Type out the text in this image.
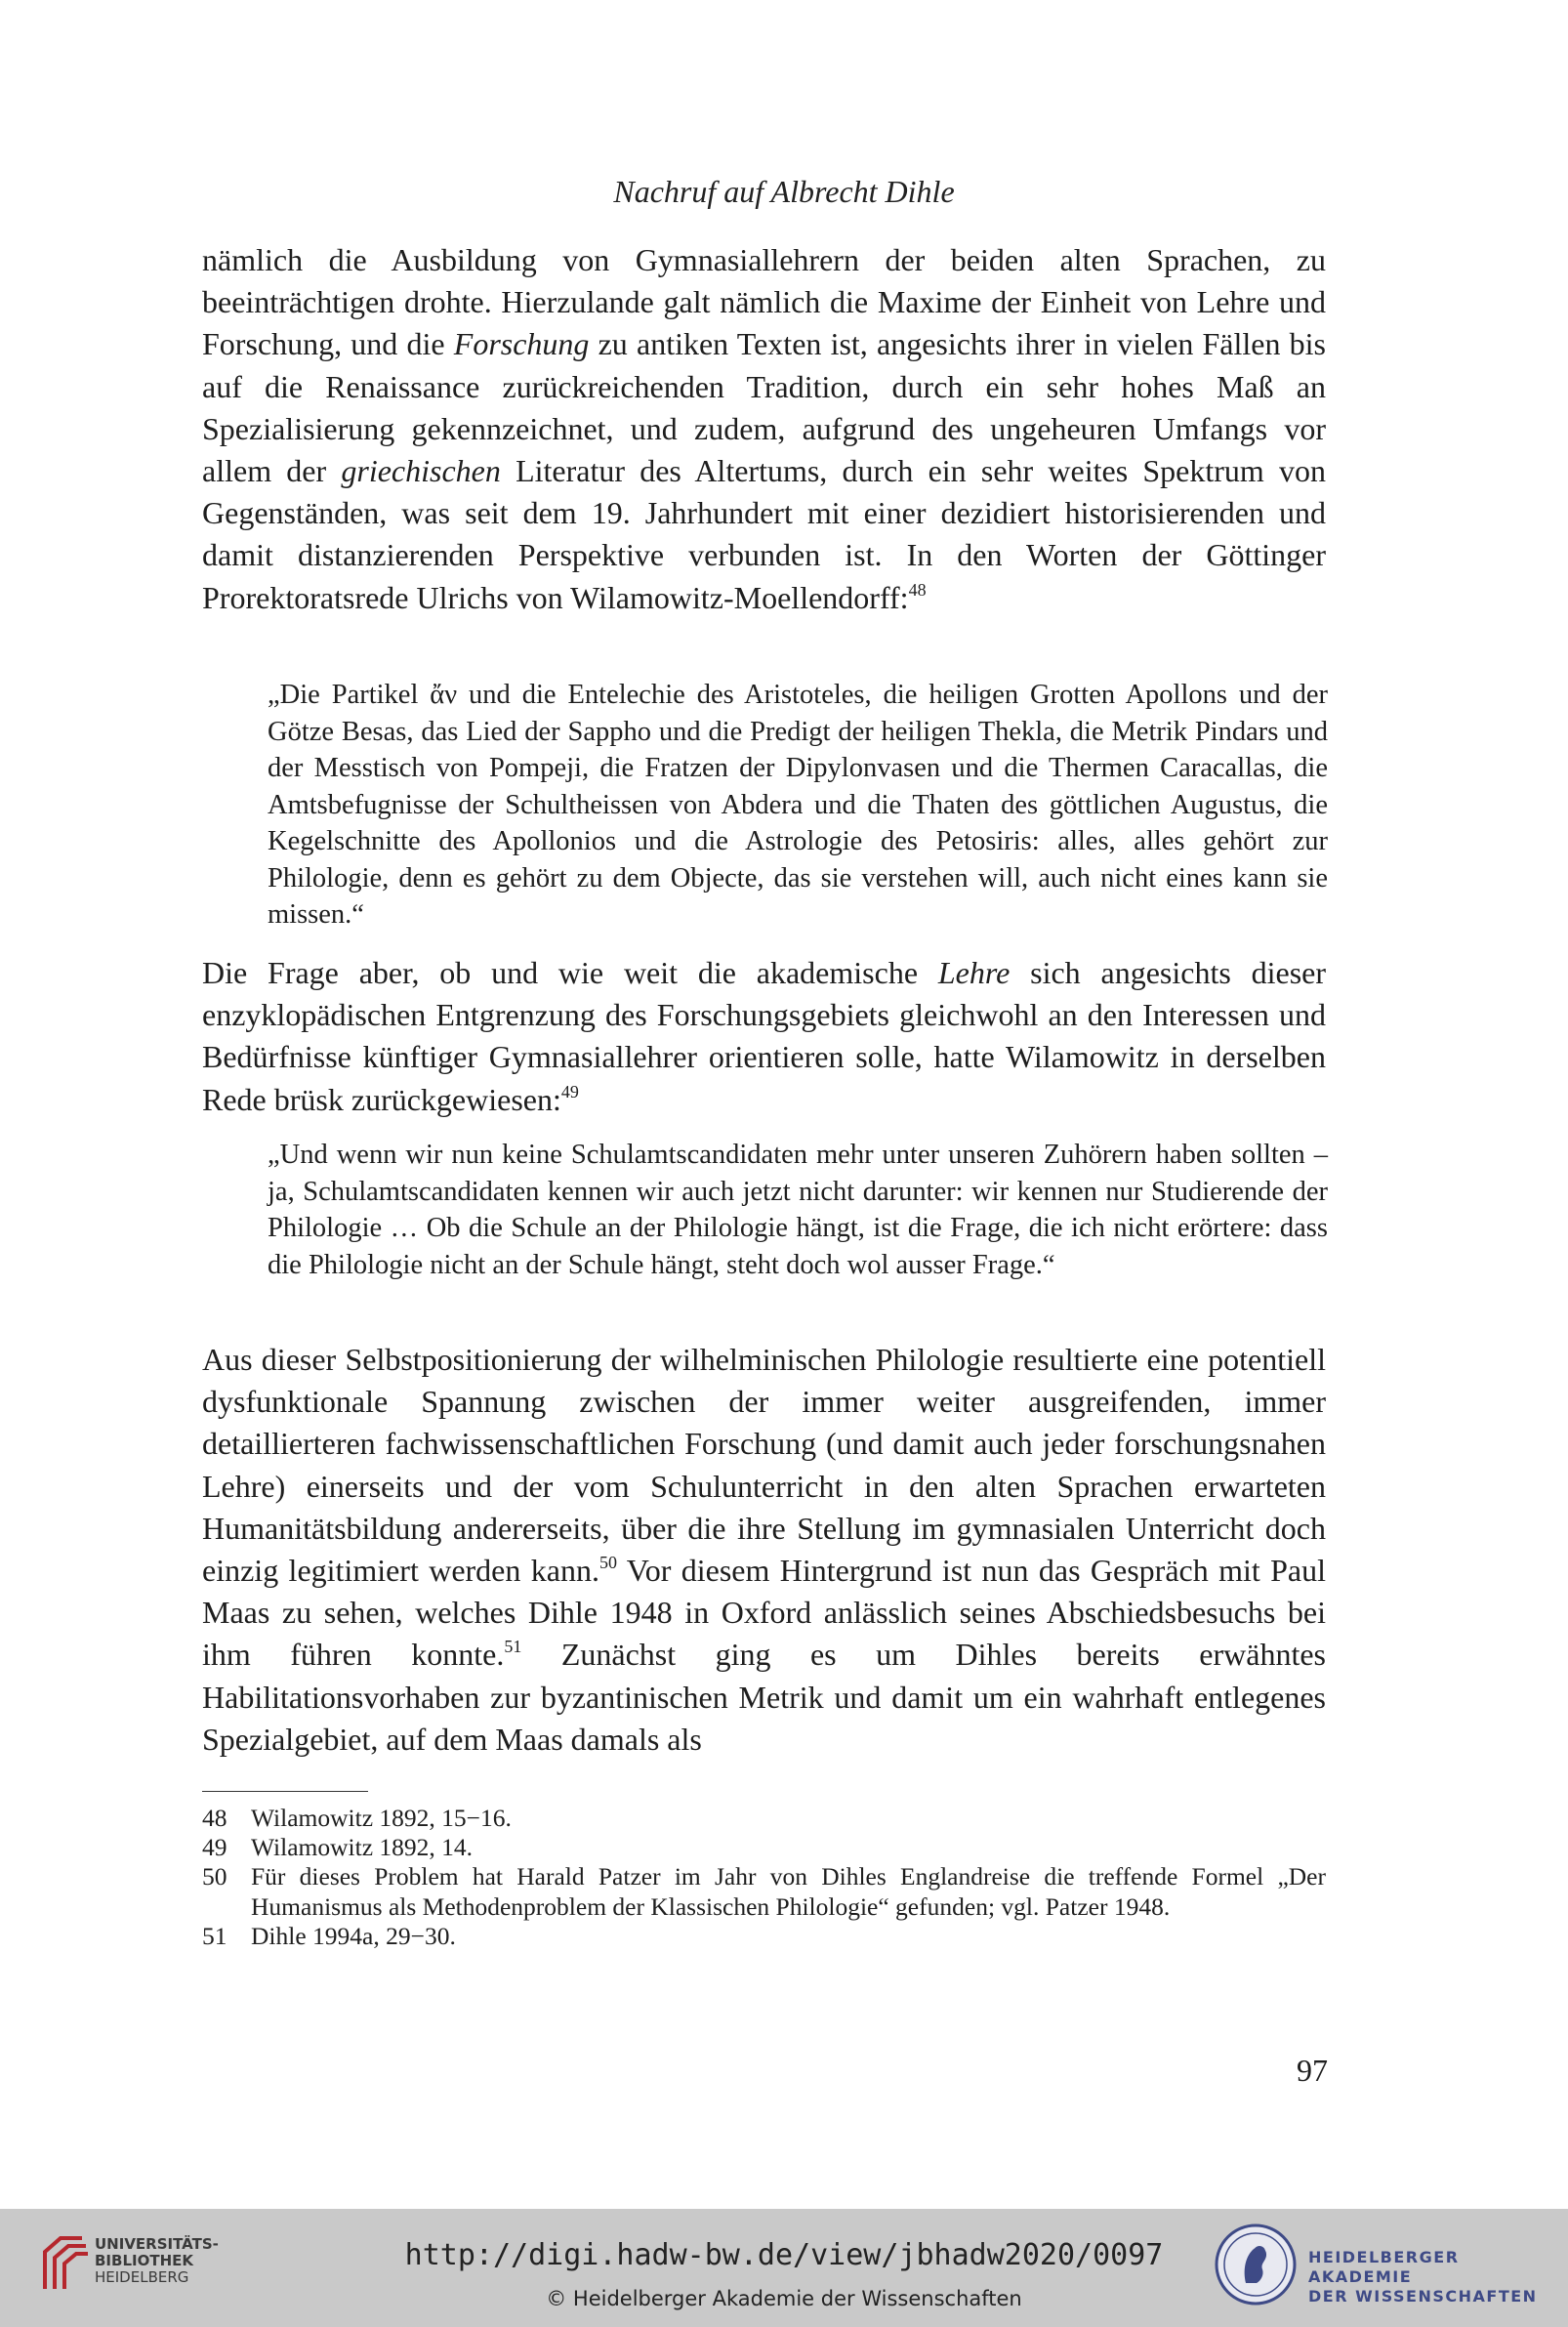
Nachruf auf Albrecht Dihle

nämlich die Ausbildung von Gymnasiallehrern der beiden alten Sprachen, zu beeinträchtigen drohte. Hierzulande galt nämlich die Maxime der Einheit von Lehre und Forschung, und die Forschung zu antiken Texten ist, angesichts ihrer in vielen Fällen bis auf die Renaissance zurückreichenden Tradition, durch ein sehr hohes Maß an Spezialisierung gekennzeichnet, und zudem, aufgrund des ungeheuren Umfangs vor allem der griechischen Literatur des Altertums, durch ein sehr weites Spektrum von Gegenständen, was seit dem 19. Jahrhundert mit einer dezidiert historisierenden und damit distanzierenden Perspektive verbunden ist. In den Worten der Göttinger Prorektoratsrede Ulrichs von Wilamowitz-Moellendorff:$^{48}$

„Die Partikel ἄν und die Entelechie des Aristoteles, die heiligen Grotten Apollons und der Götze Besas, das Lied der Sappho und die Predigt der heiligen Thekla, die Metrik Pindars und der Messtisch von Pompeji, die Fratzen der Dipylonvasen und die Thermen Caracallas, die Amtsbefugnisse der Schultheissen von Abdera und die Thaten des göttlichen Augustus, die Kegelschnitte des Apollonios und die Astrologie des Petosiris: alles, alles gehört zur Philologie, denn es gehört zu dem Objecte, das sie verstehen will, auch nicht eines kann sie missen.“

Die Frage aber, ob und wie weit die akademische Lehre sich angesichts dieser enzyklopädischen Entgrenzung des Forschungsgebiets gleichwohl an den Interessen und Bedürfnisse künftiger Gymnasiallehrer orientieren solle, hatte Wilamowitz in derselben Rede brüsk zurückgewiesen:$^{49}$

„Und wenn wir nun keine Schulamtscandidaten mehr unter unseren Zuhörern haben sollten – ja, Schulamtscandidaten kennen wir auch jetzt nicht darunter: wir kennen nur Studierende der Philologie … Ob die Schule an der Philologie hängt, ist die Frage, die ich nicht erörtere: dass die Philologie nicht an der Schule hängt, steht doch wol ausser Frage.“

Aus dieser Selbstpositionierung der wilhelminischen Philologie resultierte eine potentiell dysfunktionale Spannung zwischen der immer weiter ausgreifenden, immer detaillierteren fachwissenschaftlichen Forschung (und damit auch jeder forschungsnahen Lehre) einerseits und der vom Schulunterricht in den alten Sprachen erwarteten Humanitätsbildung andererseits, über die ihre Stellung im gymnasialen Unterricht doch einzig legitimiert werden kann.$^{50}$ Vor diesem Hintergrund ist nun das Gespräch mit Paul Maas zu sehen, welches Dihle 1948 in Oxford anlässlich seines Abschiedsbesuchs bei ihm führen konnte.$^{51}$ Zunächst ging es um Dihles bereits erwähntes Habilitationsvorhaben zur byzantinischen Metrik und damit um ein wahrhaft entlegenes Spezialgebiet, auf dem Maas damals als

48 Wilamowitz 1892, 15−16.
49 Wilamowitz 1892, 14.
50 Für dieses Problem hat Harald Patzer im Jahr von Dihles Englandreise die treffende Formel „Der Humanismus als Methodenproblem der Klassischen Philologie“ gefunden; vgl. Patzer 1948.
51 Dihle 1994a, 29−30.
97
UNIVERSITÄTS-
BIBLIOTHEK
HEIDELBERG
http://digi.hadw-bw.de/view/jbhadw2020/0097
© Heidelberger Akademie der Wissenschaften
HEIDELBERGER AKADEMIE
DER WISSENSCHAFTEN
